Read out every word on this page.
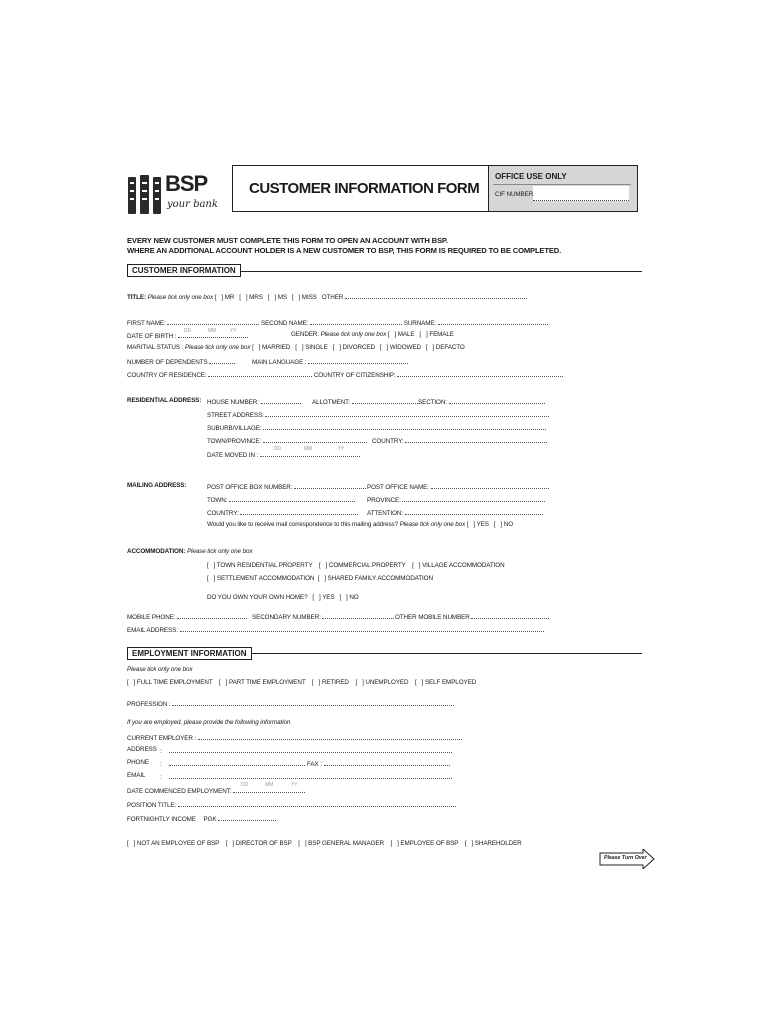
BSP
your bank
CUSTOMER INFORMATION FORM
OFFICE USE ONLY
CIF NUMBER
EVERY NEW CUSTOMER MUST COMPLETE THIS FORM TO OPEN AN ACCOUNT WITH BSP.
WHERE AN ADDITIONAL ACCOUNT HOLDER IS A NEW CUSTOMER TO BSP, THIS FORM IS REQUIRED TO BE COMPLETED.
CUSTOMER INFORMATION
TITLE: Please tick only one box [   ] MR   [   ] MRS   [   ] MS   [   ] MISS   OTHER
FIRST NAME:	SECOND NAME:	SURNAME:
DATE OF BIRTH :
DD	MM	YY	GENDER: Please tick only one box [   ] MALE   [   ] FEMALE
MARITIAL STATUS : Please tick only one box [   ] MARRIED   [   ] SINGLE   [   ] DIVORCED   [   ] WIDOWED   [   ] DEFACTO
NUMBER OF DEPENDENTS	MAIN LANGUAGE :
COUNTRY OF RESIDENCE:	COUNTRY OF CITIZENSHIP:
RESIDENTIAL ADDRESS: HOUSE NUMBER:	ALLOTMENT:	SECTION:
STREET ADDRESS:
SUBURB/VILLAGE:
TOWN/PROVINCE:	COUNTRY:
DATE MOVED IN :
DD	MM	YY
MAILING ADDRESS:	POST OFFICE BOX NUMBER:	POST OFFICE NAME:
TOWN:	PROVINCE:
COUNTRY:	ATTENTION:
Would you like to receive mail correspondence to this mailing address? Please tick only one box [   ] YES   [   ] NO
ACCOMMODATION: Please tick only one box
[   ] TOWN RESIDENTIAL PROPERTY    [   ] COMMERCIAL PROPERTY    [   ] VILLAGE ACCOMMODATION
[   ] SETTLEMENT ACCOMMODATION  [   ] SHARED FAMILY ACCOMMODATION
DO YOU OWN YOUR OWN HOME?   [   ] YES   [   ] NO
MOBILE PHONE:	SECONDARY NUMBER:	OTHER MOBILE NUMBER
EMAIL ADDRESS:
EMPLOYMENT INFORMATION
Please tick only one box
[   ] FULL TIME EMPLOYMENT    [   ] PART TIME EMPLOYMENT    [   ] RETIRED    [   ] UNEMPLOYED    [   ] SELF EMPLOYED
PROFESSION :
If you are employed, please provide the following information
CURRENT EMPLOYER :
ADDRESS :
PHONE :	FAX :
EMAIL :
DATE COMMENCED EMPLOYMENT:
DD	MM	YY
POSITION TITLE:
FORTNIGHTLY INCOME PGK
[   ] NOT AN EMPLOYEE OF BSP    [   ] DIRECTOR OF BSP    [   ] BSP GENERAL MANAGER    [   ] EMPLOYEE OF BSP    [   ] SHAREHOLDER
Please Turn Over
